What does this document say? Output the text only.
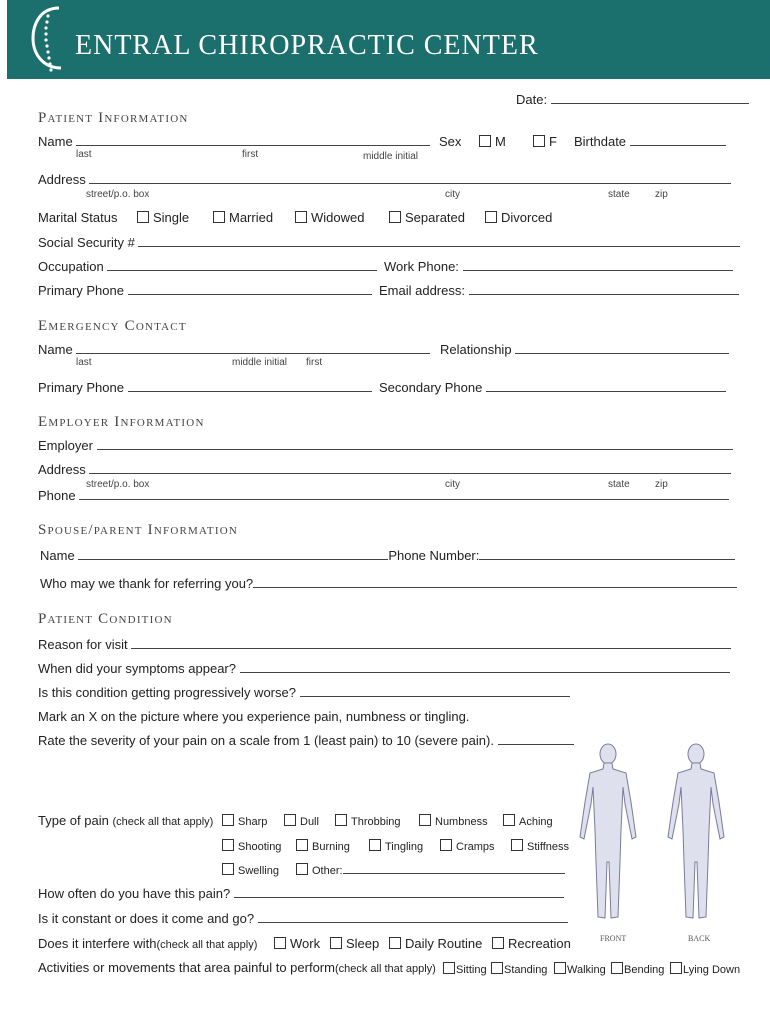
ENTRAL CHIROPRACTIC CENTER
Date:
Patient Information
Name
last	first	middle initial
Sex	M	F Birthdate
Address
street/p.o. box	city	state	zip
Marital Status	Single	Married	Widowed	Separated	Divorced
Social Security #
Occupation	Work Phone:
Primary Phone	Email address:
Emergency Contact
Name
last	middle initial first
Relationship
Primary Phone	Secondary Phone
Employer Information
Employer
Address
street/p.o. box	city	state	zip
Phone
Spouse/parent Information
Name	Phone Number:
Who may we thank for referring you?
Patient Condition
Reason for visit
When did your symptoms appear?
Is this condition getting progressively worse?
Mark an X on the picture where you experience pain, numbness or tingling.
Rate the severity of your pain on a scale from 1 (least pain) to 10 (severe pain).
FRONT	BACK
Type of pain (check all that apply)	Sharp	Dull	Throbbing	Numbness	Aching
Shooting	Burning	Tingling	Cramps	Stiffness
Swelling	Other:
How often do you have this pain?
Is it constant or does it come and go?
Does it interfere with(check all that apply)	Work	Sleep	Daily Routine	Recreation
Activities or movements that area painful to perform(check all that apply)	Sitting	Standing	Walking	Bending	Lying Down
